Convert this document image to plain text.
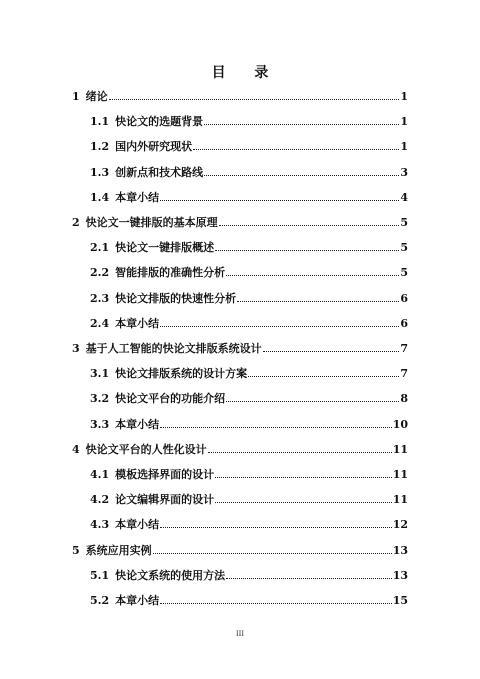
目 录
1 绪论	1
1.1 快论文的选题背景	1
1.2 国内外研究现状	1
1.3 创新点和技术路线	3
1.4 本章小结	4
2 快论文一键排版的基本原理	5
2.1 快论文一键排版概述	5
2.2 智能排版的准确性分析	5
2.3 快论文排版的快速性分析	6
2.4 本章小结	6
3 基于人工智能的快论文排版系统设计	7
3.1 快论文排版系统的设计方案	7
3.2 快论文平台的功能介绍	8
3.3 本章小结	10
4 快论文平台的人性化设计	11
4.1 模板选择界面的设计	11
4.2 论文编辑界面的设计	11
4.3 本章小结	12
5 系统应用实例	13
5.1 快论文系统的使用方法	13
5.2 本章小结	15
III
